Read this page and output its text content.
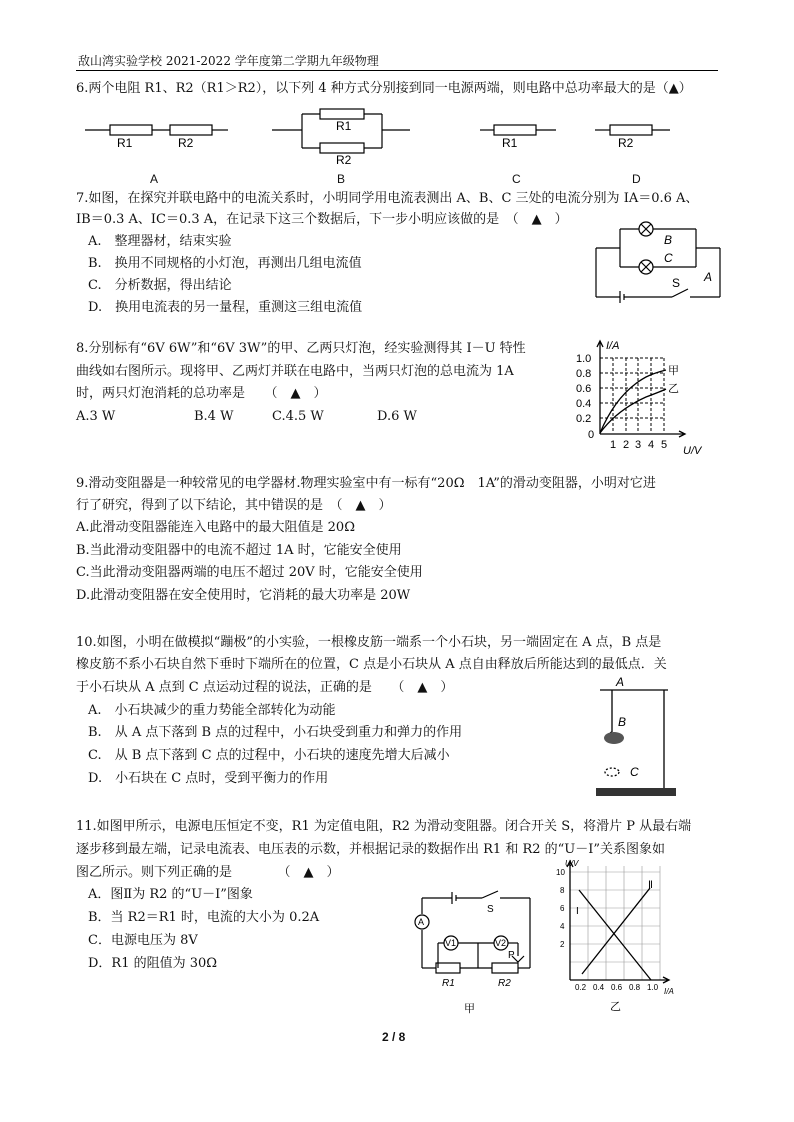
敌山湾实验学校 2021-2022 学年度第二学期九年级物理
6.两个电阻 R1、R2（R1＞R2），以下列 4 种方式分别接到同一电源两端，则电路中总功率最大的是（▲）
R1	R2
R1
R2
R1	R2
A	B	C	D
7.如图，在探究并联电路中的电流关系时，小明同学用电流表测出 A、B、C 三处的电流分别为 IA＝0.6 A、
IB＝0.3 A、IC＝0.3 A，在记录下这三个数据后，下一步小明应该做的是　（　▲　）
A.　整理器材，结束实验
B.　换用不同规格的小灯泡，再测出几组电流值
C.　分析数据，得出结论
D.　换用电流表的另一量程，重测这三组电流值
B
C
A
S
8.分别标有“6V 6W”和“6V 3W”的甲、乙两只灯泡，经实验测得其 I－U 特性
曲线如右图所示。现将甲、乙两灯并联在电路中，当两只灯泡的总电流为 1A
时，两只灯泡消耗的总功率是　　（　▲　）
A.3 W	B.4 W	C.4.5 W	D.6 W
I/A
U/V
1.0
0.8
0.6
0.4
0.2
0
1 2 3 4 5
甲
乙
9.滑动变阻器是一种较常见的电学器材.物理实验室中有一标有“20Ω　1A”的滑动变阻器，小明对它进
行了研究，得到了以下结论，其中错误的是　（　▲　）
A.此滑动变阻器能连入电路中的最大阻值是 20Ω
B.当此滑动变阻器中的电流不超过 1A 时，它能安全使用
C.当此滑动变阻器两端的电压不超过 20V 时，它能安全使用
D.此滑动变阻器在安全使用时，它消耗的最大功率是 20W
10.如图，小明在做模拟“蹦极”的小实验，一根橡皮筋一端系一个小石块，另一端固定在 A 点，B 点是
橡皮筋不系小石块自然下垂时下端所在的位置，C 点是小石块从 A 点自由释放后所能达到的最低点．关
于小石块从 A 点到 C 点运动过程的说法，正确的是　　（　▲　）
A.　小石块减少的重力势能全部转化为动能
B.　从 A 点下落到 B 点的过程中，小石块受到重力和弹力的作用
C.　从 B 点下落到 C 点的过程中，小石块的速度先增大后减小
D.　小石块在 C 点时，受到平衡力的作用
A
B
C
11.如图甲所示，电源电压恒定不变，R1 为定值电阻，R2 为滑动变阻器。闭合开关 S，将滑片 P 从最右端
逐步移到最左端，记录电流表、电压表的示数，并根据记录的数据作出 R1 和 R2 的“U－I”关系图象如
图乙所示。则下列正确的是　　　　（　▲　）
A．图Ⅱ为 R2 的“U－I”图象
B．当 R2＝R1 时，电流的大小为 0.2A
C．电源电压为 8V
D．R1 的阻值为 30Ω
A
V1	V2
S
P
R1	R2
甲
U/V
I/A
10
8
6
4
2
0.2 0.4 0.6 0.8 1.0
I
Ⅱ
乙
2 / 8
